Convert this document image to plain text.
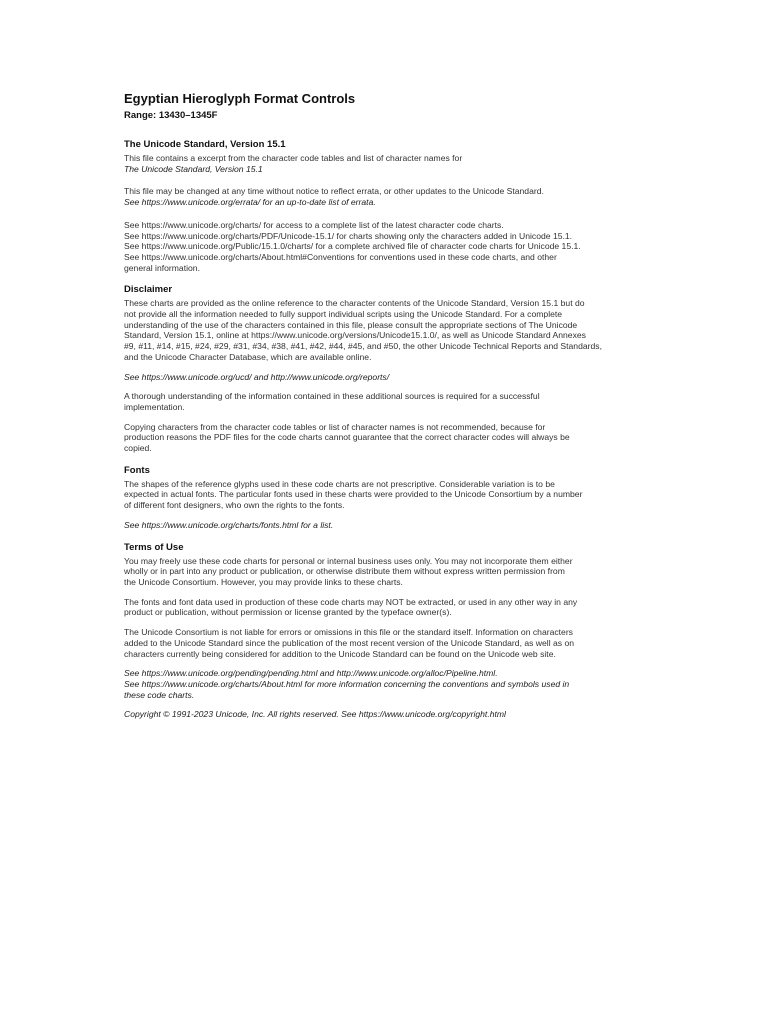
Egyptian Hieroglyph Format Controls
Range: 13430–1345F
The Unicode Standard, Version 15.1

This file contains a excerpt from the character code tables and list of character names for
The Unicode Standard, Version 15.1

This file may be changed at any time without notice to reflect errata, or other updates to the Unicode Standard.
See https://www.unicode.org/errata/ for an up-to-date list of errata.

See https://www.unicode.org/charts/ for access to a complete list of the latest character code charts.
See https://www.unicode.org/charts/PDF/Unicode-15.1/ for charts showing only the characters added in Unicode 15.1.
See https://www.unicode.org/Public/15.1.0/charts/ for a complete archived file of character code charts for Unicode 15.1.
See https://www.unicode.org/charts/About.html#Conventions for conventions used in these code charts, and other
general information.

Disclaimer

These charts are provided as the online reference to the character contents of the Unicode Standard, Version 15.1 but do
not provide all the information needed to fully support individual scripts using the Unicode Standard. For a complete
understanding of the use of the characters contained in this file, please consult the appropriate sections of The Unicode
Standard, Version 15.1, online at https://www.unicode.org/versions/Unicode15.1.0/, as well as Unicode Standard Annexes
#9, #11, #14, #15, #24, #29, #31, #34, #38, #41, #42, #44, #45, and #50, the other Unicode Technical Reports and Standards,
and the Unicode Character Database, which are available online.

See https://www.unicode.org/ucd/ and http://www.unicode.org/reports/

A thorough understanding of the information contained in these additional sources is required for a successful
implementation.

Copying characters from the character code tables or list of character names is not recommended, because for
production reasons the PDF files for the code charts cannot guarantee that the correct character codes will always be
copied.

Fonts

The shapes of the reference glyphs used in these code charts are not prescriptive. Considerable variation is to be
expected in actual fonts. The particular fonts used in these charts were provided to the Unicode Consortium by a number
of different font designers, who own the rights to the fonts.

See https://www.unicode.org/charts/fonts.html for a list.

Terms of Use

You may freely use these code charts for personal or internal business uses only. You may not incorporate them either
wholly or in part into any product or publication, or otherwise distribute them without express written permission from
the Unicode Consortium. However, you may provide links to these charts.

The fonts and font data used in production of these code charts may NOT be extracted, or used in any other way in any
product or publication, without permission or license granted by the typeface owner(s).

The Unicode Consortium is not liable for errors or omissions in this file or the standard itself. Information on characters
added to the Unicode Standard since the publication of the most recent version of the Unicode Standard, as well as on
characters currently being considered for addition to the Unicode Standard can be found on the Unicode web site.

See https://www.unicode.org/pending/pending.html and http://www.unicode.org/alloc/Pipeline.html.
See https://www.unicode.org/charts/About.html for more information concerning the conventions and symbols used in
these code charts.

Copyright © 1991-2023 Unicode, Inc. All rights reserved. See https://www.unicode.org/copyright.html
